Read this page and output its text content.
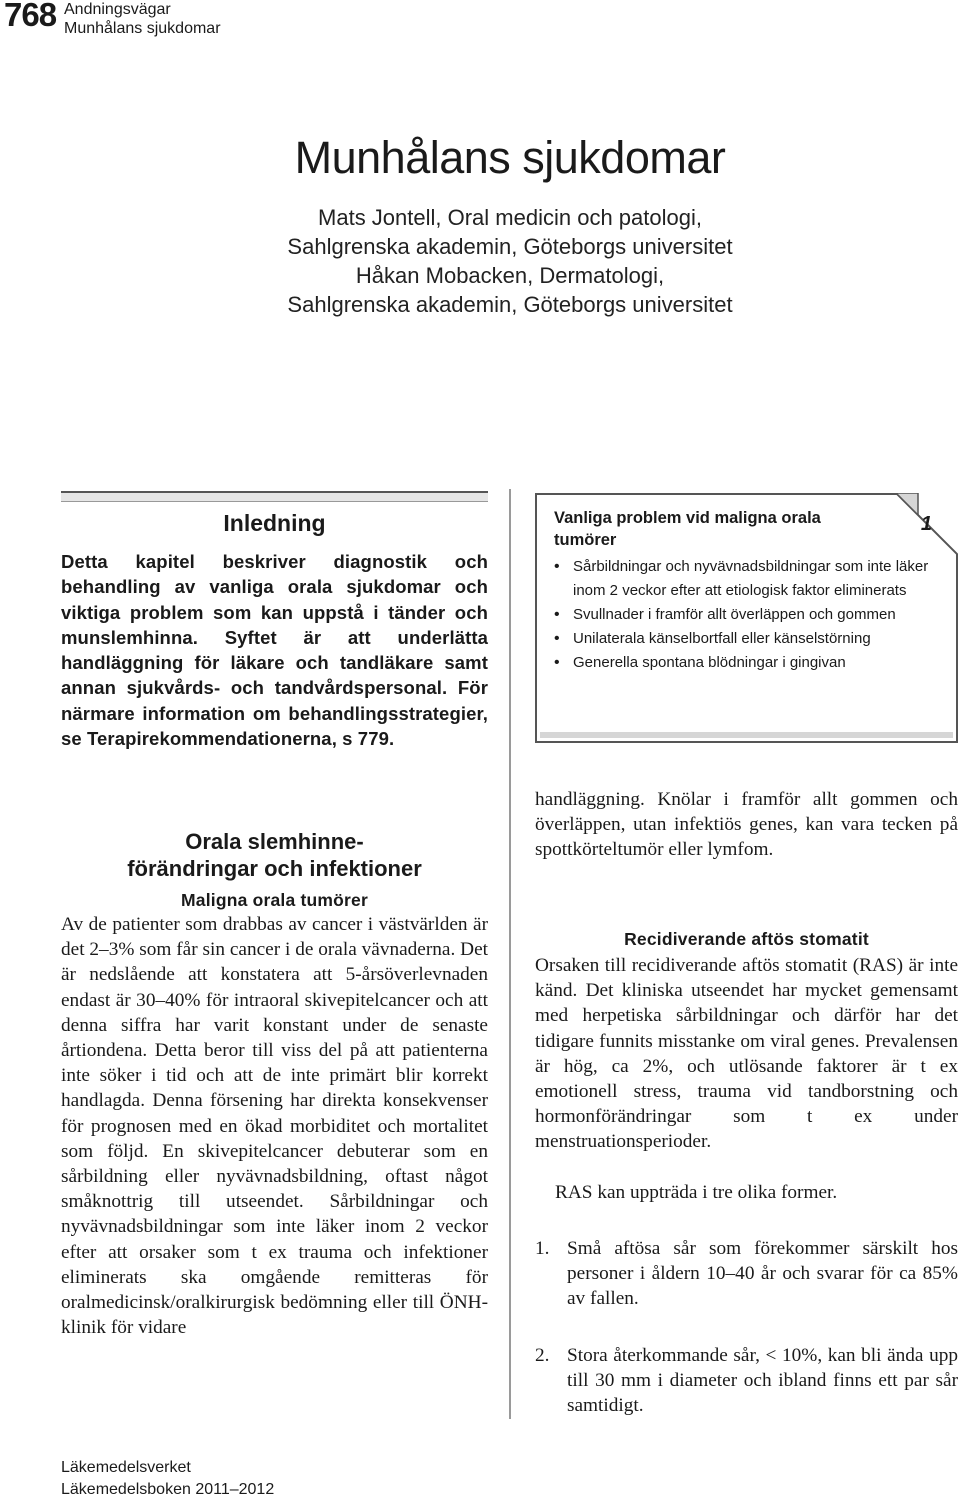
768 Andningsvägar
Munhålans sjukdomar
Munhålans sjukdomar
Mats Jontell, Oral medicin och patologi,
Sahlgrenska akademin, Göteborgs universitet
Håkan Mobacken, Dermatologi,
Sahlgrenska akademin, Göteborgs universitet
Inledning

Detta kapitel beskriver diagnostik och behandling av vanliga orala sjukdomar och viktiga problem som kan uppstå i tänder och munslemhinna. Syftet är att underlätta handläggning för läkare och tandläkare samt annan sjukvårds- och tandvårdspersonal. För närmare information om behandlingsstrategier, se Terapirekommendationerna, s 779.

Orala slemhinne-
förändringar och infektioner
Maligna orala tumörer

Av de patienter som drabbas av cancer i västvärlden är det 2–3% som får sin cancer i de orala vävnaderna. Det är nedslående att konstatera att 5-årsöverlevnaden endast är 30–40% för intraoral skivepitelcancer och att denna siffra har varit konstant under de senaste årtiondena. Detta beror till viss del på att patienterna inte söker i tid och att de inte primärt blir korrekt handlagda. Denna försening har direkta konsekvenser för prognosen med en ökad morbiditet och mortalitet som följd. En skivepitelcancer debuterar som en sårbildning eller nyvävnadsbildning, oftast något småknottrig till utseendet. Sårbildningar och nyvävnadsbildningar som inte läker inom 2 veckor efter att orsaker som t ex trauma och infektioner eliminerats ska omgående remitteras för oralmedicinsk/oralkirurgisk bedömning eller till ÖNH-klinik för vidare

1
Vanliga problem vid maligna orala tumörer
• Sårbildningar och nyvävnadsbildningar som inte läker inom 2 veckor efter att etiologisk faktor eliminerats
• Svullnader i framför allt överläppen och gommen
• Unilaterala känselbortfall eller känselstörning
• Generella spontana blödningar i gingivan

handläggning. Knölar i framför allt gommen och överläppen, utan infektiös genes, kan vara tecken på spottkörteltumör eller lymfom.

Recidiverande aftös stomatit

Orsaken till recidiverande aftös stomatit (RAS) är inte känd. Det kliniska utseendet har mycket gemensamt med herpetiska sårbildningar och därför har det tidigare funnits misstanke om viral genes. Prevalensen är hög, ca 2%, och utlösande faktorer är t ex emotionell stress, trauma vid tandborstning och hormonförändringar som t ex under menstruationsperioder.

RAS kan uppträda i tre olika former.

1. Små aftösa sår som förekommer särskilt hos personer i åldern 10–40 år och svarar för ca 85% av fallen.
2. Stora återkommande sår, < 10%, kan bli ända upp till 30 mm i diameter och ibland finns ett par sår samtidigt.
Läkemedelsverket
Läkemedelsboken 2011–2012
